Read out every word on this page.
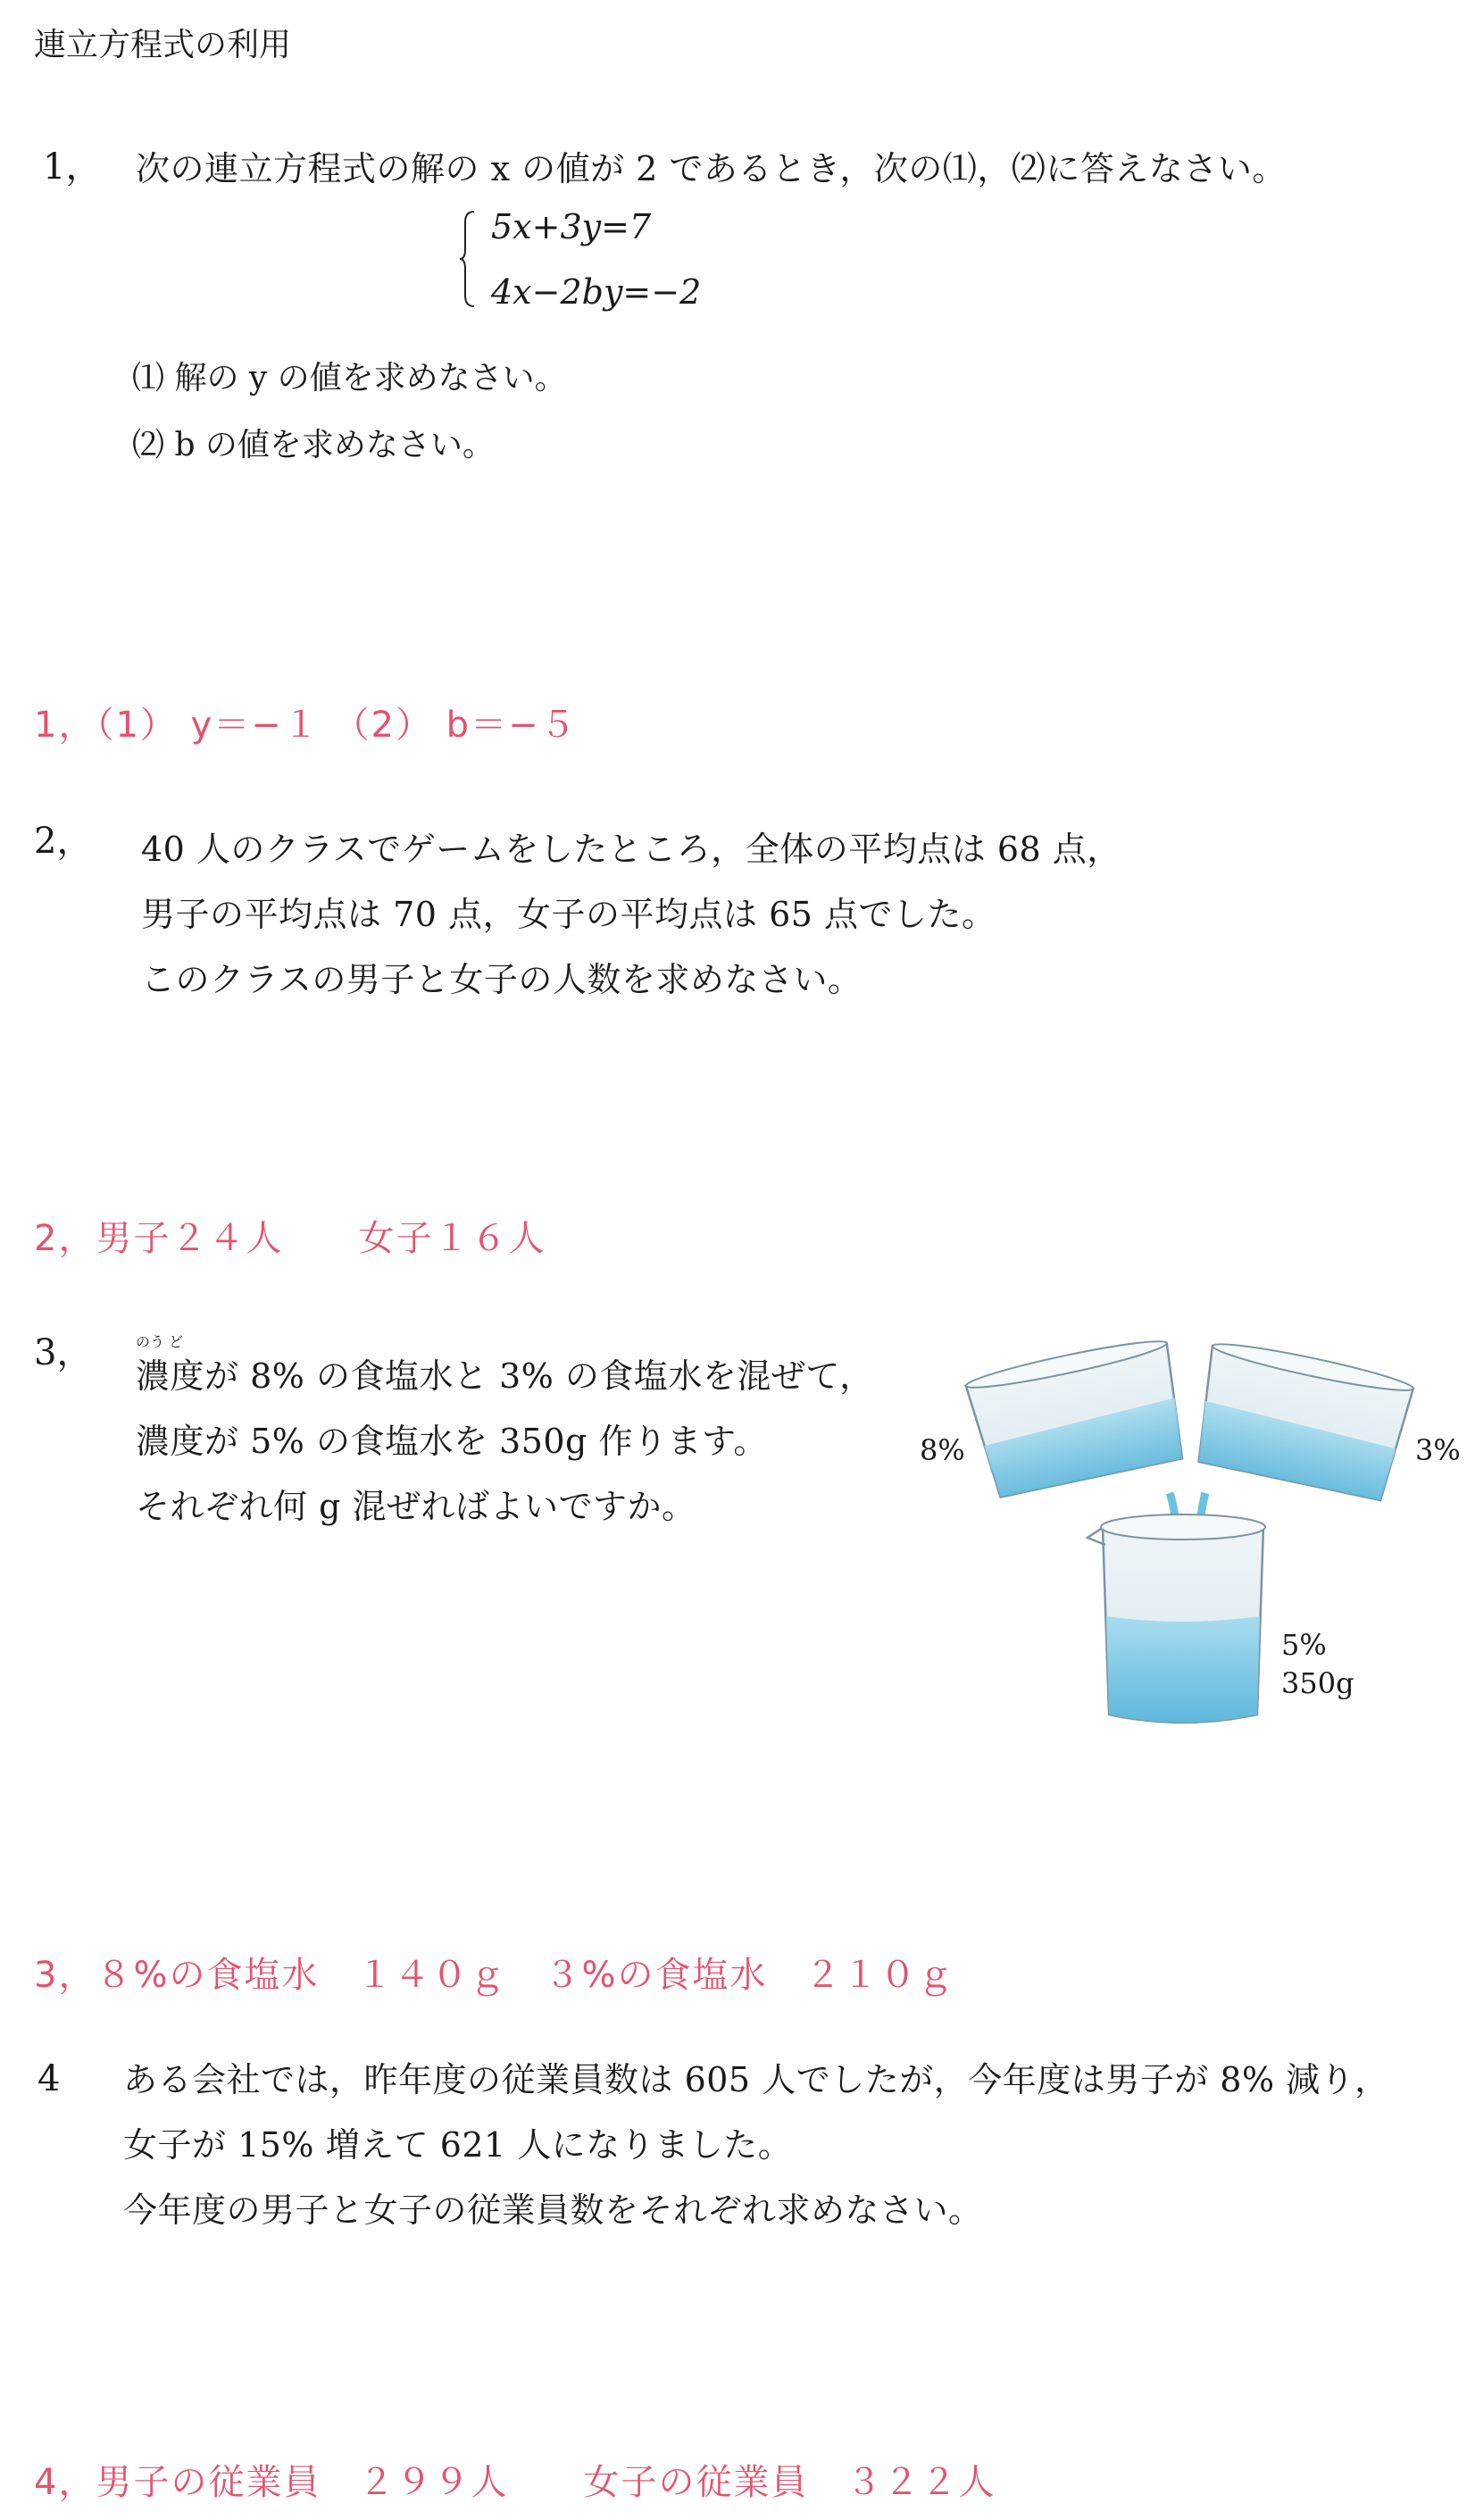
連立方程式の利用
1， 次の連立方程式の解の x の値が 2 であるとき，次の⑴，⑵に答えなさい。
5x+3y=7
4x−2by=−2
⑴ 解の y の値を求めなさい。
⑵ b の値を求めなさい。
1，（1） y＝−１ （2） b＝−５
2， 40 人のクラスでゲームをしたところ，全体の平均点は 68 点，
男子の平均点は 70 点，女子の平均点は 65 点でした。
このクラスの男子と女子の人数を求めなさい。
2，男子２４人　　女子１６人
3，	のう ど
濃度が 8% の食塩水と 3% の食塩水を混ぜて，
濃度が 5% の食塩水を 350g 作ります。
それぞれ何 g 混ぜればよいですか。
8%	3%
5%
350g
3，８%の食塩水　１４０ｇ　３%の食塩水　２１０ｇ
4 ある会社では，昨年度の従業員数は 605 人でしたが，今年度は男子が 8% 減り，
女子が 15% 増えて 621 人になりました。
今年度の男子と女子の従業員数をそれぞれ求めなさい。
4，男子の従業員　２９９人　　女子の従業員　３２２人
